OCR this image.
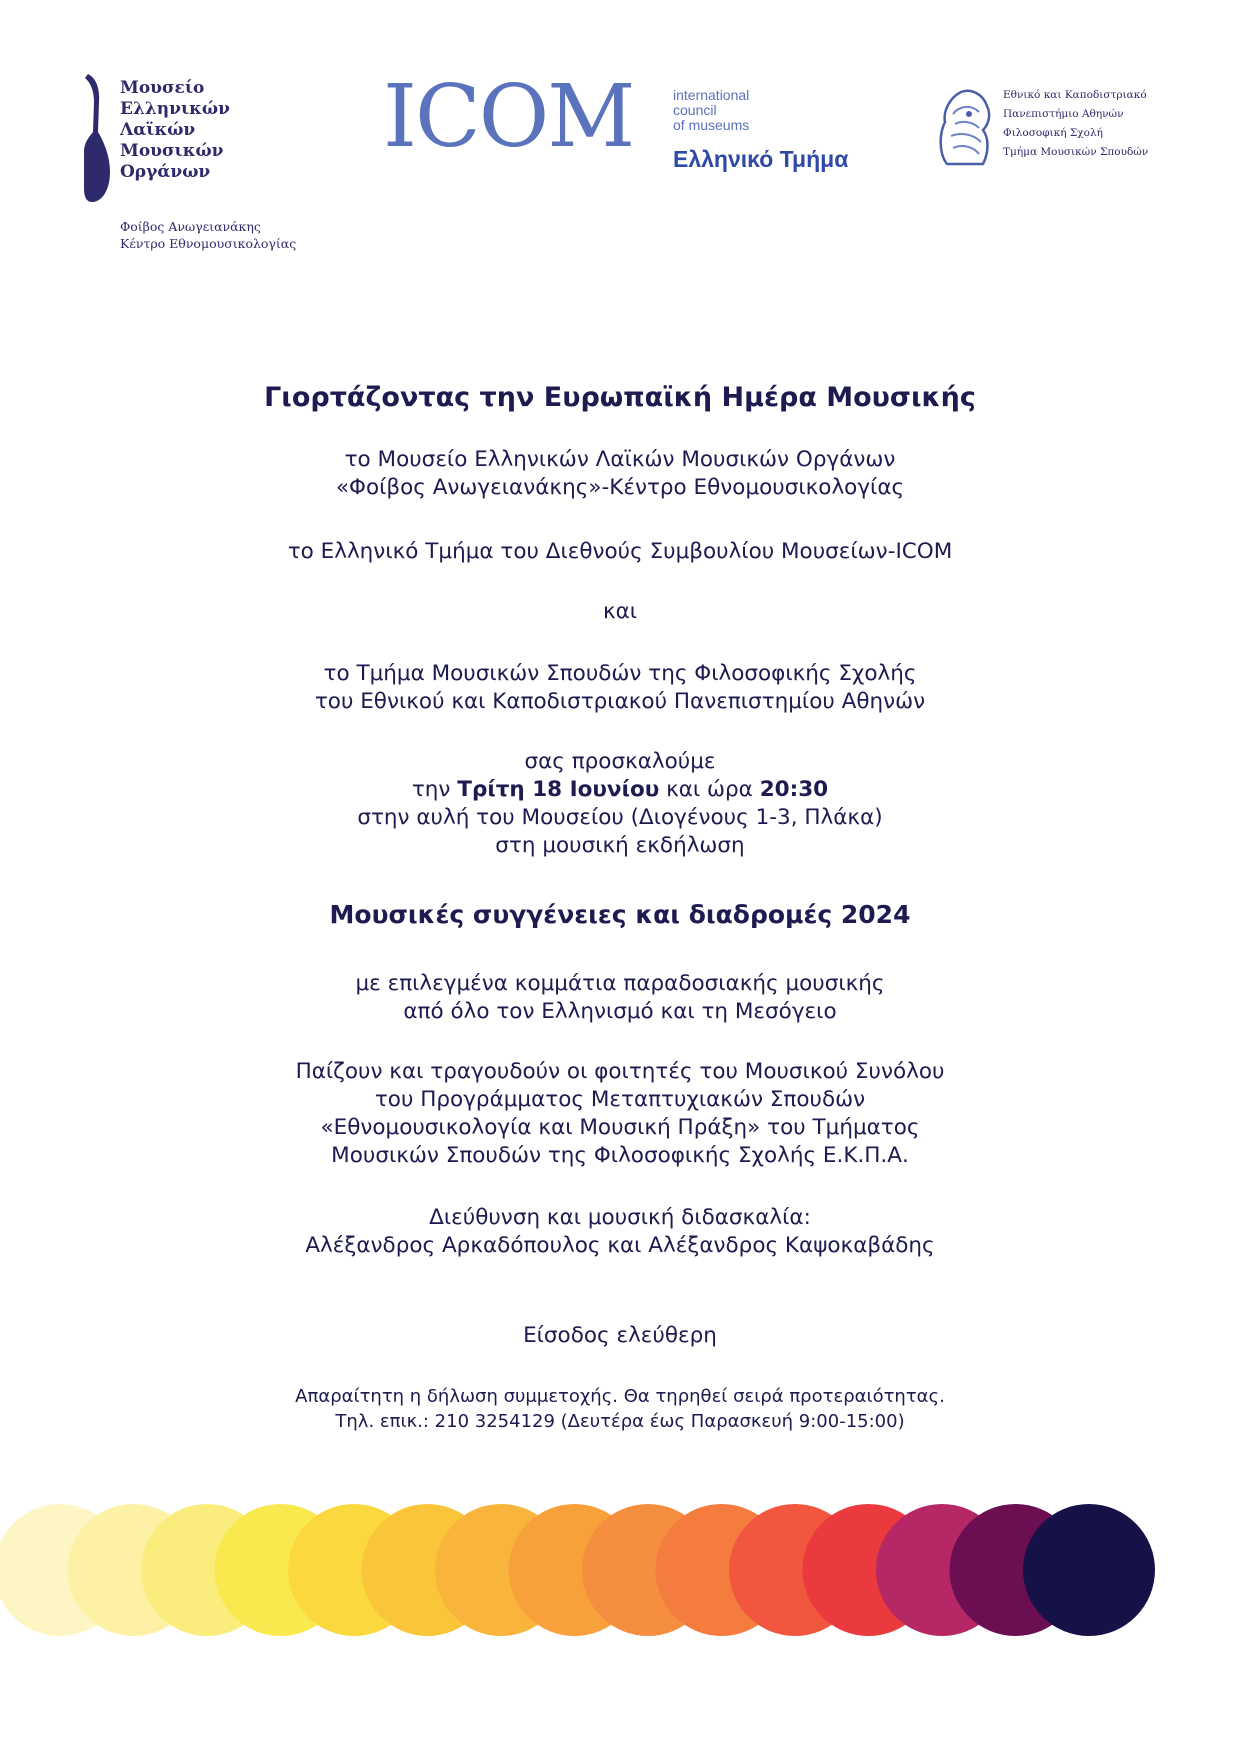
Μουσείο
Ελληνικών
Λαϊκών
Μουσικών
Οργάνων
Φοίβος Ανωγειανάκης
Κέντρο Εθνομουσικολογίας
ICOM	international
council
of museums
Ελληνικό Τμήμα
Εθνικό και Καποδιστριακό
Πανεπιστήμιο Αθηνών
Φιλοσοφική Σχολή
Τμήμα Μουσικών Σπουδών
Γιορτάζοντας την Ευρωπαϊκή Ημέρα Μουσικής
το Μουσείο Ελληνικών Λαϊκών Μουσικών Οργάνων
«Φοίβος Ανωγειανάκης»-Κέντρο Εθνομουσικολογίας
το Ελληνικό Τμήμα του Διεθνούς Συμβουλίου Μουσείων-ICOM
και
το Τμήμα Μουσικών Σπουδών της Φιλοσοφικής Σχολής
του Εθνικού και Καποδιστριακού Πανεπιστημίου Αθηνών
σας προσκαλούμε
την Τρίτη 18 Ιουνίου και ώρα 20:30
στην αυλή του Μουσείου (Διογένους 1-3, Πλάκα)
στη μουσική εκδήλωση
Μουσικές συγγένειες και διαδρομές 2024
με επιλεγμένα κομμάτια παραδοσιακής μουσικής
από όλο τον Ελληνισμό και τη Μεσόγειο
Παίζουν και τραγουδούν οι φοιτητές του Μουσικού Συνόλου
του Προγράμματος Μεταπτυχιακών Σπουδών
«Εθνομουσικολογία και Μουσική Πράξη» του Τμήματος
Μουσικών Σπουδών της Φιλοσοφικής Σχολής Ε.Κ.Π.Α.
Διεύθυνση και μουσική διδασκαλία:
Αλέξανδρος Αρκαδόπουλος και Αλέξανδρος Καψοκαβάδης
Είσοδος ελεύθερη
Απαραίτητη η δήλωση συμμετοχής. Θα τηρηθεί σειρά προτεραιότητας.
Τηλ. επικ.: 210 3254129 (Δευτέρα έως Παρασκευή 9:00-15:00)
